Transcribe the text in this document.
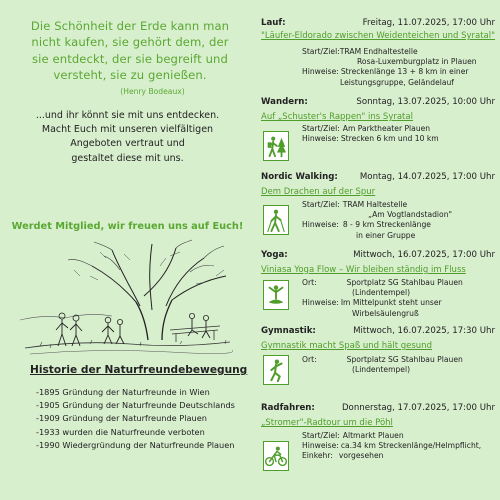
Die Schönheit der Erde kann man
nicht kaufen, sie gehört dem, der
sie entdeckt, der sie begreift und
versteht, sie zu genießen.
(Henry Bodeaux)
...und ihr könnt sie mit uns entdecken.
Macht Euch mit unseren vielfältigen
Angeboten vertraut und
gestaltet diese mit uns.
Werdet Mitglied, wir freuen uns auf Euch!
Historie der Naturfreundebewegung
-1895 Gründung der Naturfreunde in Wien
-1905 Gründung der Naturfreunde Deutschlands
-1909 Gründung der Naturfreunde Plauen
-1933 wurden die Naturfreunde verboten
-1990 Wiedergründung der Naturfreunde Plauen
Lauf:	Freitag, 11.07.2025, 17:00 Uhr
"Läufer-Eldorado zwischen Weidenteichen und Syratal"
Start/Ziel: TRAM Endhaltestelle
Rosa-Luxemburgplatz in Plauen
Hinweise: Streckenlänge 13 + 8 km in einer
Leistungsgruppe, Geländelauf
Wandern:	Sonntag, 13.07.2025, 10:00 Uhr
Auf „Schuster's Rappen" ins Syratal
Start/Ziel: Am Parktheater Plauen
Hinweise: Strecken 6 km und 10 km
Nordic Walking:	Montag, 14.07.2025, 17:00 Uhr
Dem Drachen auf der Spur
Start/Ziel: TRAM Haltestelle
„Am Vogtlandstadion"
Hinweise: 8 - 9 km Streckenlänge
in einer Gruppe
Yoga:	Mittwoch, 16.07.2025, 17:00 Uhr
Viniasa Yoga Flow – Wir bleiben ständig im Fluss
Ort:	Sportplatz SG Stahlbau Plauen
(Lindentempel)
Hinweise: Im Mittelpunkt steht unser
Wirbelsäulengruß
Gymnastik:	Mittwoch, 16.07.2025, 17:30 Uhr
Gymnastik macht Spaß und hält gesund
Ort:	Sportplatz SG Stahlbau Plauen
(Lindentempel)
Radfahren:	Donnerstag, 17.07.2025, 17:00 Uhr
„Stromer"-Radtour um die Pöhl
Start/Ziel: Altmarkt Plauen
Hinweise: ca.34 km Streckenlänge/Helmpflicht,
Einkehr: vorgesehen
